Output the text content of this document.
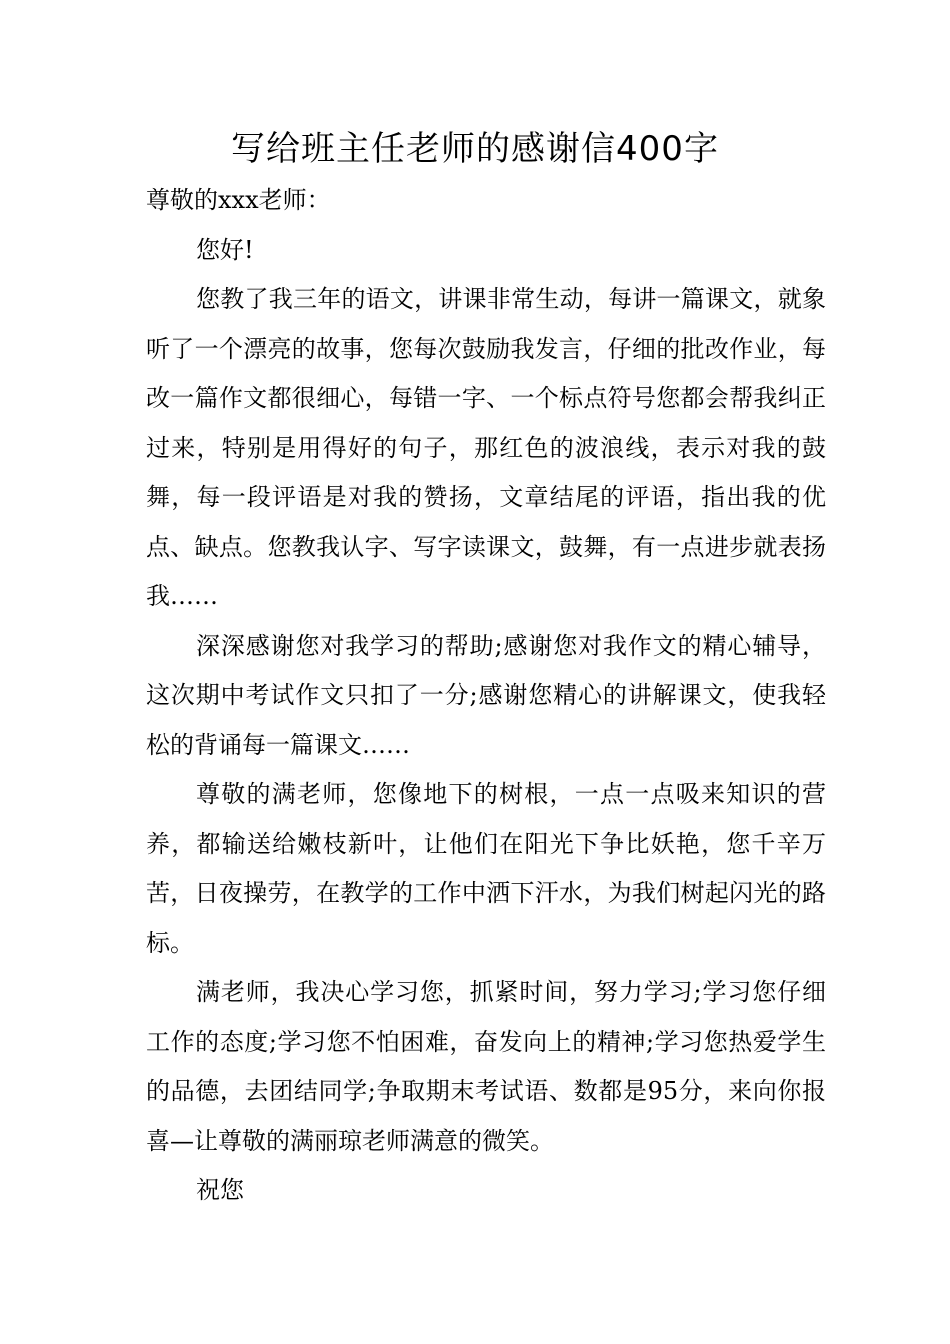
写给班主任老师的感谢信400字

尊敬的xxx老师：

您好!

您教了我三年的语文，讲课非常生动，每讲一篇课文，就象听了一个漂亮的故事，您每次鼓励我发言，仔细的批改作业，每改一篇作文都很细心，每错一字、一个标点符号您都会帮我纠正过来，特别是用得好的句子，那红色的波浪线，表示对我的鼓舞，每一段评语是对我的赞扬，文章结尾的评语，指出我的优点、缺点。您教我认字、写字读课文，鼓舞，有一点进步就表扬我……

深深感谢您对我学习的帮助;感谢您对我作文的精心辅导，这次期中考试作文只扣了一分;感谢您精心的讲解课文，使我轻松的背诵每一篇课文……

尊敬的满老师，您像地下的树根，一点一点吸来知识的营养，都输送给嫩枝新叶，让他们在阳光下争比妖艳，您千辛万苦，日夜操劳，在教学的工作中洒下汗水，为我们树起闪光的路标。

满老师，我决心学习您，抓紧时间，努力学习;学习您仔细工作的态度;学习您不怕困难，奋发向上的精神;学习您热爱学生的品德，去团结同学;争取期末考试语、数都是95分，来向你报喜—让尊敬的满丽琼老师满意的微笑。

祝您
